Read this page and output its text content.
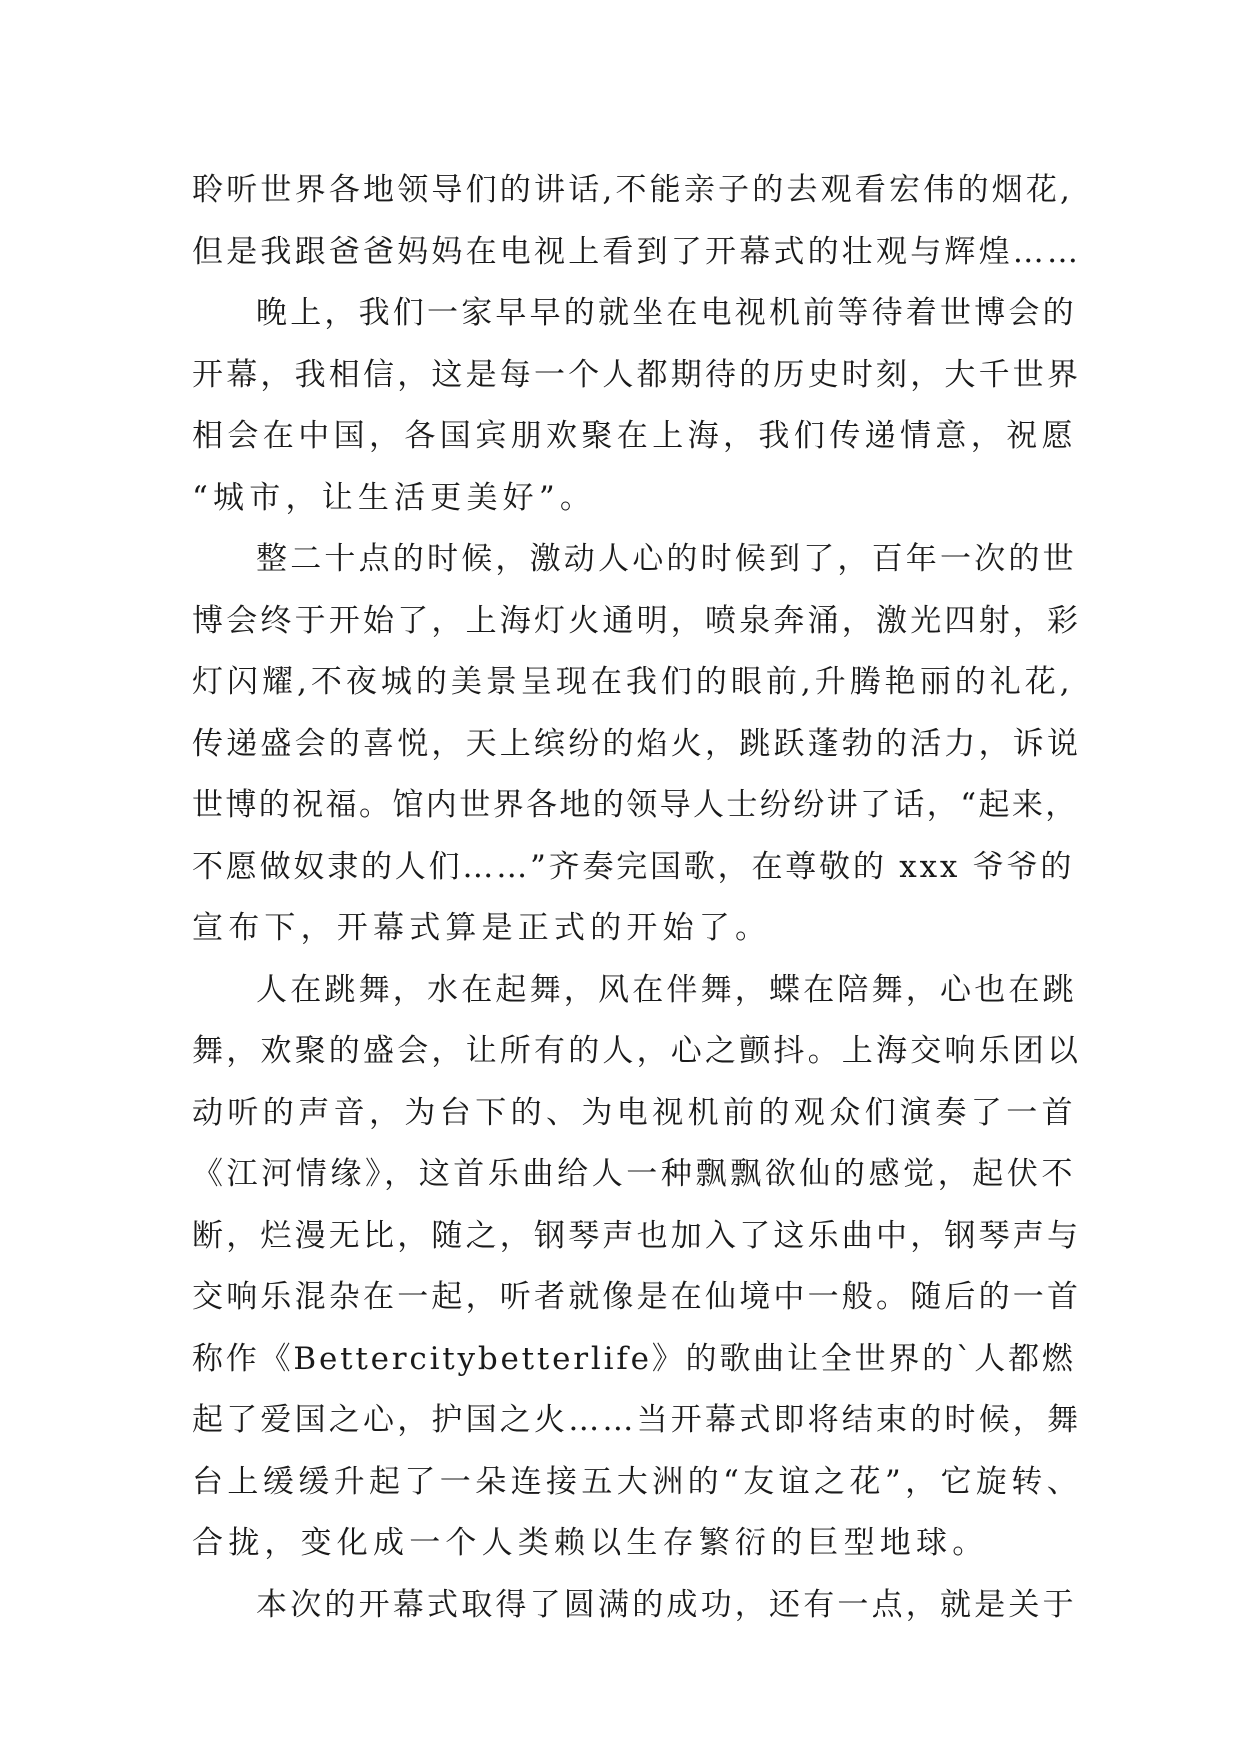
聆听世界各地领导们的讲话,不能亲子的去观看宏伟的烟花,
但是我跟爸爸妈妈在电视上看到了开幕式的壮观与辉煌……
晚上，我们一家早早的就坐在电视机前等待着世博会的
开幕，我相信，这是每一个人都期待的历史时刻，大千世界
相会在中国，各国宾朋欢聚在上海，我们传递情意，祝愿
“城市，让生活更美好”。
整二十点的时候，激动人心的时候到了，百年一次的世
博会终于开始了，上海灯火通明，喷泉奔涌，激光四射，彩
灯闪耀,不夜城的美景呈现在我们的眼前,升腾艳丽的礼花,
传递盛会的喜悦，天上缤纷的焰火，跳跃蓬勃的活力，诉说
世博的祝福。馆内世界各地的领导人士纷纷讲了话，“起来，
不愿做奴隶的人们……”齐奏完国歌，在尊敬的 xxx 爷爷的
宣布下，开幕式算是正式的开始了。
人在跳舞，水在起舞，风在伴舞，蝶在陪舞，心也在跳
舞，欢聚的盛会，让所有的人，心之颤抖。上海交响乐团以
动听的声音，为台下的、为电视机前的观众们演奏了一首
《江河情缘》，这首乐曲给人一种飘飘欲仙的感觉，起伏不
断，烂漫无比，随之，钢琴声也加入了这乐曲中，钢琴声与
交响乐混杂在一起，听者就像是在仙境中一般。随后的一首
称作《Bettercitybetterlife》的歌曲让全世界的`人都燃
起了爱国之心，护国之火……当开幕式即将结束的时候，舞
台上缓缓升起了一朵连接五大洲的“友谊之花”，它旋转、
合拢，变化成一个人类赖以生存繁衍的巨型地球。
本次的开幕式取得了圆满的成功，还有一点，就是关于
